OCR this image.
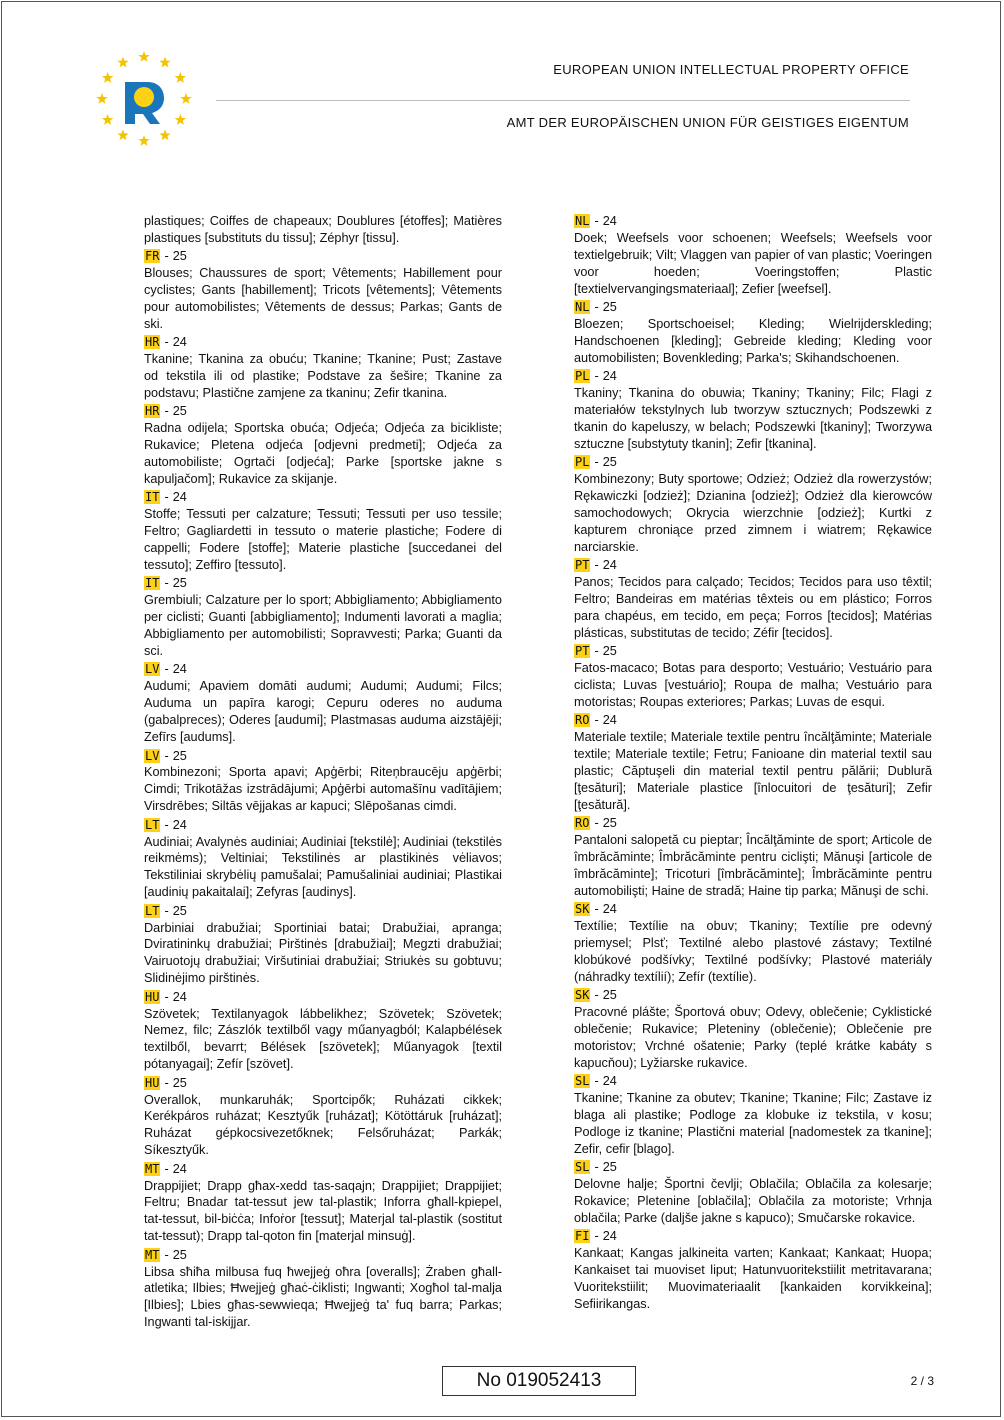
EUROPEAN UNION INTELLECTUAL PROPERTY OFFICE
AMT DER EUROPÄISCHEN UNION FÜR GEISTIGES EIGENTUM

plastiques; Coiffes de chapeaux; Doublures [étoffes]; Matières plastiques [substituts du tissu]; Zéphyr [tissu].

FR - 25

Blouses; Chaussures de sport; Vêtements; Habillement pour cyclistes; Gants [habillement]; Tricots [vêtements]; Vêtements pour automobilistes; Vêtements de dessus; Parkas; Gants de ski.

HR - 24

Tkanine; Tkanina za obuću; Tkanine; Tkanine; Pust; Zastave od tekstila ili od plastike; Podstave za šešire; Tkanine za podstavu; Plastične zamjene za tkaninu; Zefir tkanina.

HR - 25

Radna odijela; Sportska obuća; Odjeća; Odjeća za bicikliste; Rukavice; Pletena odjeća [odjevni predmeti]; Odjeća za automobiliste; Ogrtači [odjeća]; Parke [sportske jakne s kapuljačom]; Rukavice za skijanje.

IT - 24

Stoffe; Tessuti per calzature; Tessuti; Tessuti per uso tessile; Feltro; Gagliardetti in tessuto o materie plastiche; Fodere di cappelli; Fodere [stoffe]; Materie plastiche [succedanei del tessuto]; Zeffiro [tessuto].

IT - 25

Grembiuli; Calzature per lo sport; Abbigliamento; Abbigliamento per ciclisti; Guanti [abbigliamento]; Indumenti lavorati a maglia; Abbigliamento per automobilisti; Sopravvesti; Parka; Guanti da sci.

LV - 24

Audumi; Apaviem domāti audumi; Audumi; Audumi; Filcs; Auduma un papīra karogi; Cepuru oderes no auduma (gabalpreces); Oderes [audumi]; Plastmasas auduma aizstājēji; Zefīrs [audums].

LV - 25

Kombinezoni; Sporta apavi; Apģērbi; Riteņbraucēju apģērbi; Cimdi; Trikotāžas izstrādājumi; Apģērbi automašīnu vadītājiem; Virsdrēbes; Siltās vējjakas ar kapuci; Slēpošanas cimdi.

LT - 24

Audiniai; Avalynės audiniai; Audiniai [tekstilė]; Audiniai (tekstilės reikmėms); Veltiniai; Tekstilinės ar plastikinės vėliavos; Tekstiliniai skrybėlių pamušalai; Pamušaliniai audiniai; Plastikai [audinių pakaitalai]; Zefyras [audinys].

LT - 25

Darbiniai drabužiai; Sportiniai batai; Drabužiai, apranga; Dviratininkų drabužiai; Pirštinės [drabužiai]; Megzti drabužiai; Vairuotojų drabužiai; Viršutiniai drabužiai; Striukės su gobtuvu; Slidinėjimo pirštinės.

HU - 24

Szövetek; Textilanyagok lábbelikhez; Szövetek; Szövetek; Nemez, filc; Zászlók textilből vagy műanyagból; Kalapbélések textilből, bevarrt; Bélések [szövetek]; Műanyagok [textil pótanyagai]; Zefír [szövet].

HU - 25

Overallok, munkaruhák; Sportcipők; Ruházati cikkek; Kerékpáros ruházat; Kesztyűk [ruházat]; Kötöttáruk [ruházat]; Ruházat gépkocsivezetőknek; Felsőruházat; Parkák; Síkesztyűk.

MT - 24

Drappijiet; Drapp għax-xedd tas-saqajn; Drappijiet; Drappijiet; Feltru; Bnadar tat-tessut jew tal-plastik; Inforra għall-kpiepel, tat-tessut, bil-biċċa; Infoṙor [tessut]; Materjal tal-plastik (sostitut tat-tessut); Drapp tal-qoton fin [materjal minsuġ].

MT - 25

Libsa sħiħa milbusa fuq ħwejjeġ oħra [overalls]; Żraben għall-atletika; Ilbies; Ħwejjeġ għaċ-ċiklisti; Ingwanti; Xogħol tal-malja [Ilbies]; Lbies għas-sewwieqa; Ħwejjeġ ta' fuq barra; Parkas; Ingwanti tal-iskijjar.

NL - 24

Doek; Weefsels voor schoenen; Weefsels; Weefsels voor textielgebruik; Vilt; Vlaggen van papier of van plastic; Voeringen voor hoeden; Voeringstoffen; Plastic [textielvervangingsmateriaal]; Zefier [weefsel].

NL - 25

Bloezen; Sportschoeisel; Kleding; Wielrijderskleding; Handschoenen [kleding]; Gebreide kleding; Kleding voor automobilisten; Bovenkleding; Parka's; Skihandschoenen.

PL - 24

Tkaniny; Tkanina do obuwia; Tkaniny; Tkaniny; Filc; Flagi z materiałów tekstylnych lub tworzyw sztucznych; Podszewki z tkanin do kapeluszy, w belach; Podszewki [tkaniny]; Tworzywa sztuczne [substytuty tkanin]; Zefir [tkanina].

PL - 25

Kombinezony; Buty sportowe; Odzież; Odzież dla rowerzystów; Rękawiczki [odzież]; Dzianina [odzież]; Odzież dla kierowców samochodowych; Okrycia wierzchnie [odzież]; Kurtki z kapturem chroniące przed zimnem i wiatrem; Rękawice narciarskie.

PT - 24

Panos; Tecidos para calçado; Tecidos; Tecidos para uso têxtil; Feltro; Bandeiras em matérias têxteis ou em plástico; Forros para chapéus, em tecido, em peça; Forros [tecidos]; Matérias plásticas, substitutas de tecido; Zéfir [tecidos].

PT - 25

Fatos-macaco; Botas para desporto; Vestuário; Vestuário para ciclista; Luvas [vestuário]; Roupa de malha; Vestuário para motoristas; Roupas exteriores; Parkas; Luvas de esqui.

RO - 24

Materiale textile; Materiale textile pentru încălţăminte; Materiale textile; Materiale textile; Fetru; Fanioane din material textil sau plastic; Căptuşeli din material textil pentru pălării; Dublură [ţesături]; Materiale plastice [înlocuitori de ţesături]; Zefir [ţesătură].

RO - 25

Pantaloni salopetă cu pieptar; Încălţăminte de sport; Articole de îmbrăcăminte; Îmbrăcăminte pentru ciclişti; Mănuşi [articole de îmbrăcăminte]; Tricoturi [îmbrăcăminte]; Îmbrăcăminte pentru automobilişti; Haine de stradă; Haine tip parka; Mănuşi de schi.

SK - 24

Textílie; Textílie na obuv; Tkaniny; Textílie pre odevný priemysel; Plsť; Textilné alebo plastové zástavy; Textilné klobúkové podšívky; Textilné podšívky; Plastové materiály (náhradky textílií); Zefír (textílie).

SK - 25

Pracovné plášte; Športová obuv; Odevy, oblečenie; Cyklistické oblečenie; Rukavice; Pleteniny (oblečenie); Oblečenie pre motoristov; Vrchné ošatenie; Parky (teplé krátke kabáty s kapucňou); Lyžiarske rukavice.

SL - 24

Tkanine; Tkanine za obutev; Tkanine; Tkanine; Filc; Zastave iz blaga ali plastike; Podloge za klobuke iz tekstila, v kosu; Podloge iz tkanine; Plastični material [nadomestek za tkanine]; Zefir, cefir [blago].

SL - 25

Delovne halje; Športni čevlji; Oblačila; Oblačila za kolesarje; Rokavice; Pletenine [oblačila]; Oblačila za motoriste; Vrhnja oblačila; Parke (daljše jakne s kapuco); Smučarske rokavice.

FI - 24

Kankaat; Kangas jalkineita varten; Kankaat; Kankaat; Huopa; Kankaiset tai muoviset liput; Hatunvuoritekstiilit metritavarana; Vuoritekstiilit; Muovimateriaalit [kankaiden korvikkeina]; Sefiirikangas.

No 019052413	2 / 3
